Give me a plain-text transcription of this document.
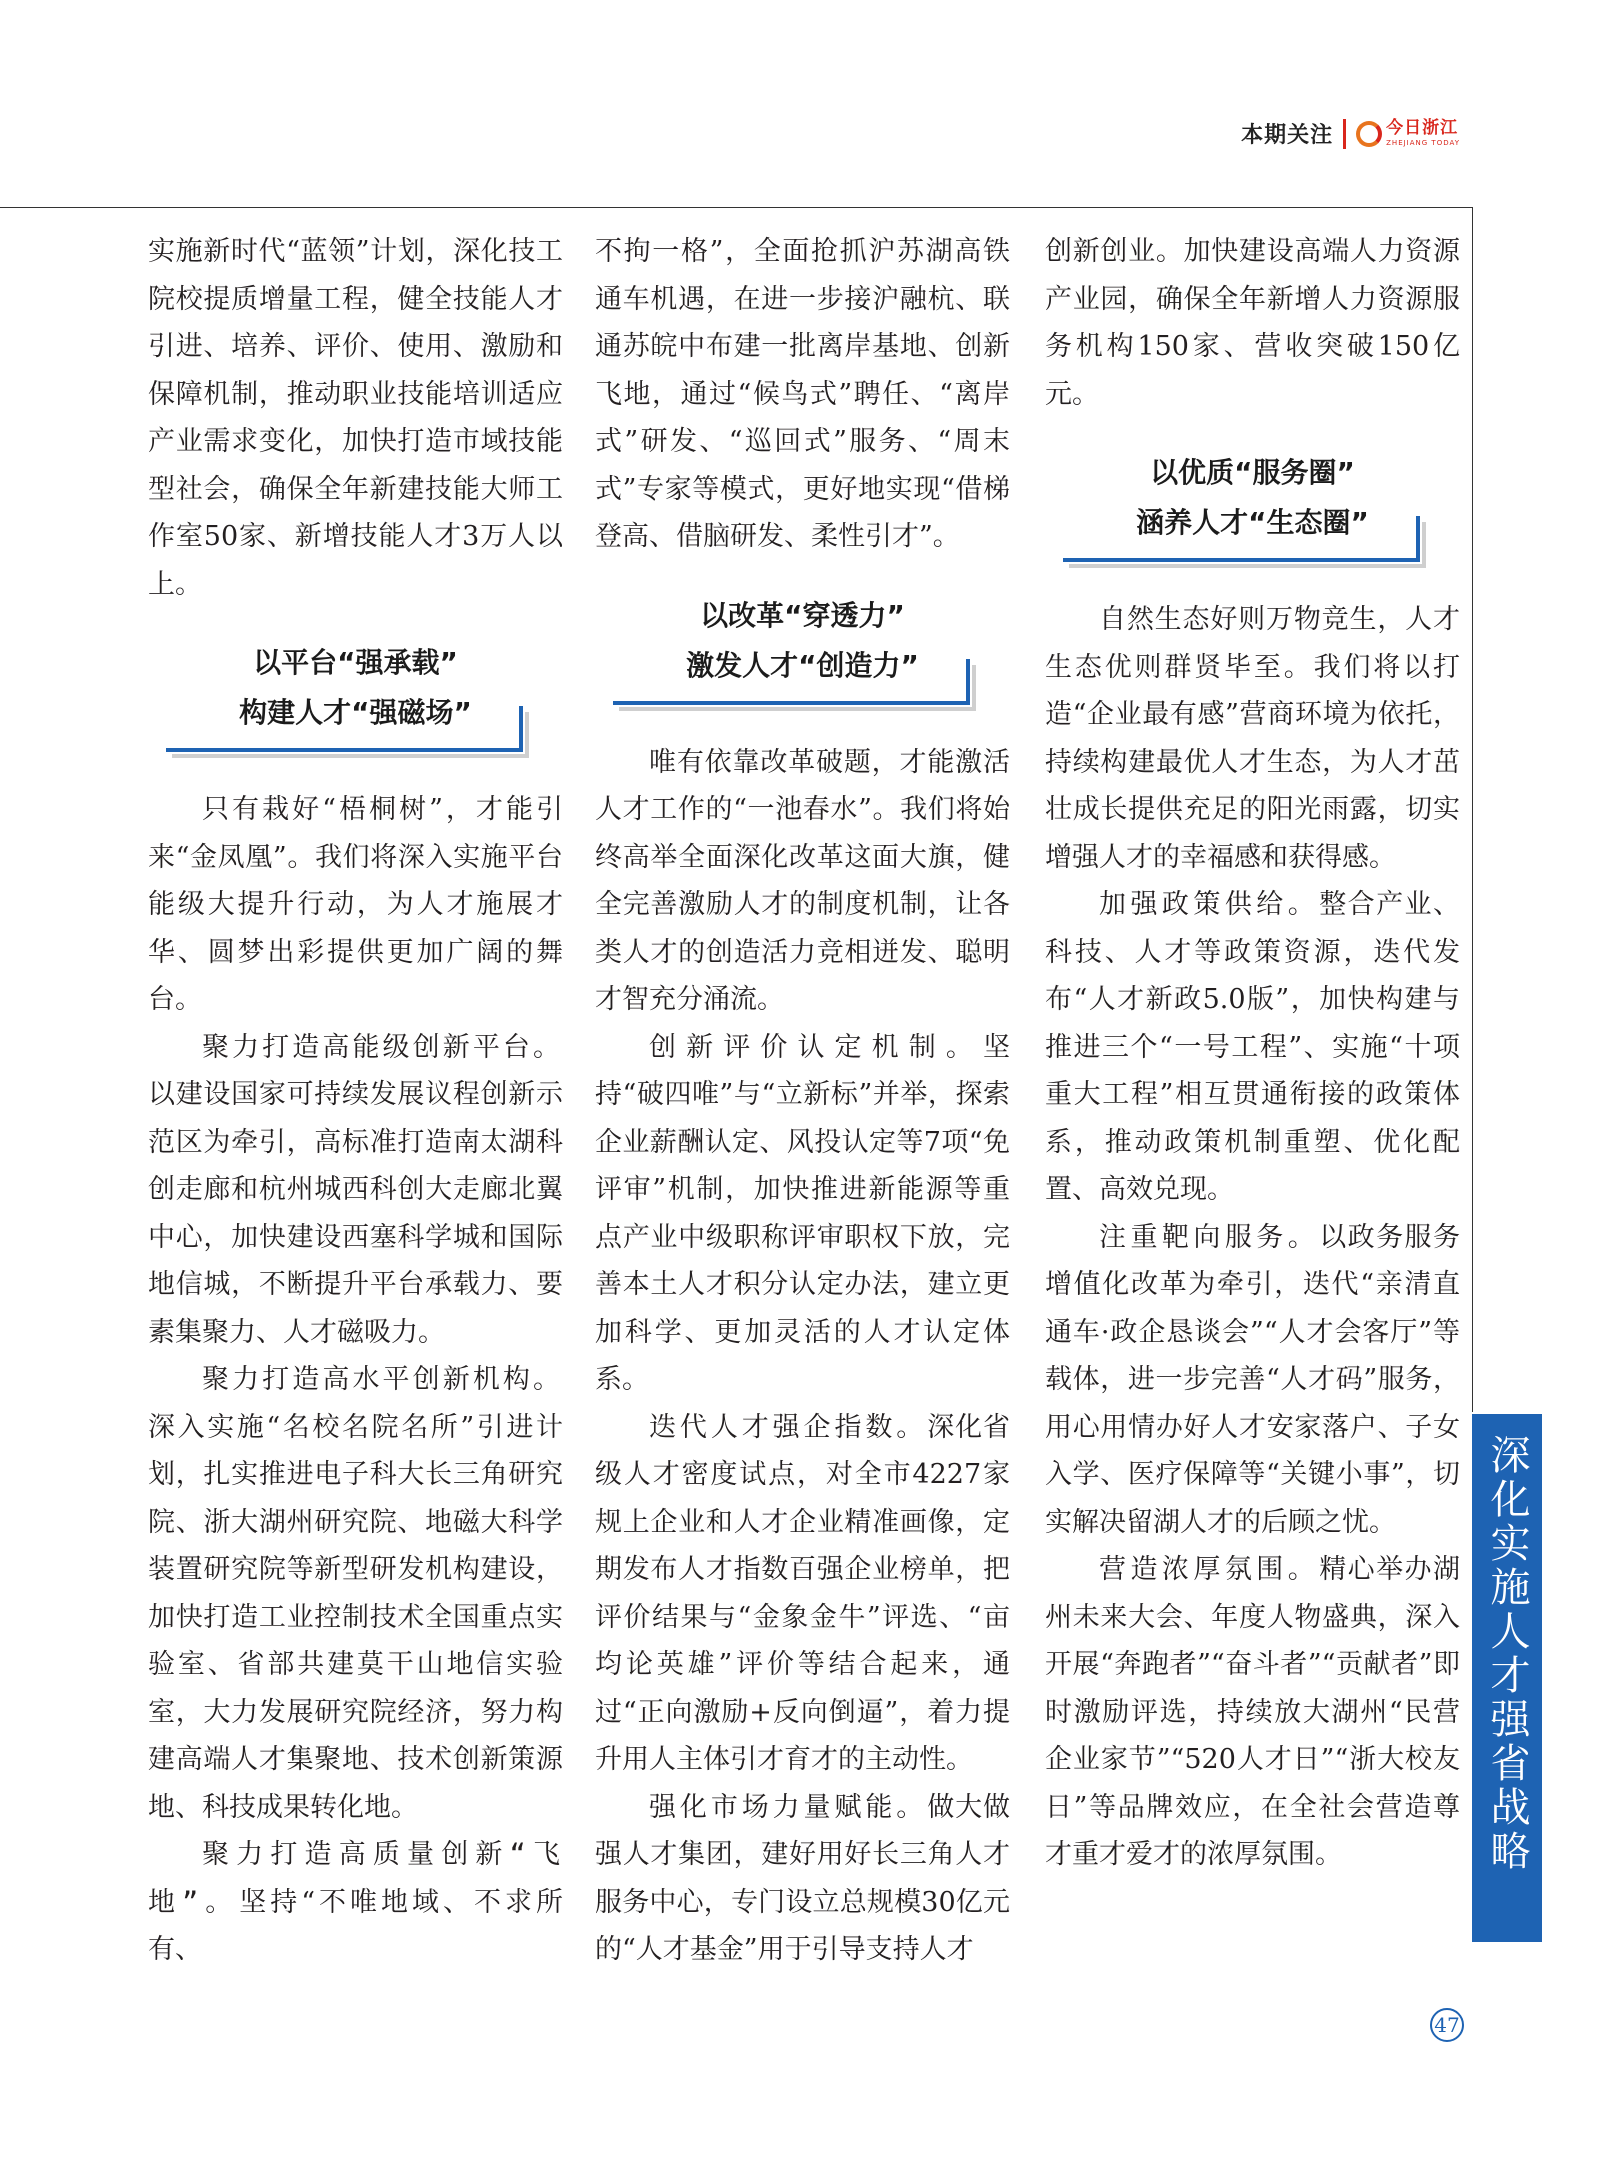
本期关注	今日浙江
ZHEJIANG TODAY

实施新时代“蓝领”计划，深化技工院校提质增量工程，健全技能人才引进、培养、评价、使用、激励和保障机制，推动职业技能培训适应产业需求变化，加快打造市域技能型社会，确保全年新建技能大师工作室50家、新增技能人才3万人以上。

以平台“强承载”
构建人才“强磁场”

只有栽好“梧桐树”，才能引来“金凤凰”。我们将深入实施平台能级大提升行动，为人才施展才华、圆梦出彩提供更加广阔的舞台。

聚力打造高能级创新平台。以建设国家可持续发展议程创新示范区为牵引，高标准打造南太湖科创走廊和杭州城西科创大走廊北翼中心，加快建设西塞科学城和国际地信城，不断提升平台承载力、要素集聚力、人才磁吸力。

聚力打造高水平创新机构。深入实施“名校名院名所”引进计划，扎实推进电子科大长三角研究院、浙大湖州研究院、地磁大科学装置研究院等新型研发机构建设，加快打造工业控制技术全国重点实验室、省部共建莫干山地信实验室，大力发展研究院经济，努力构建高端人才集聚地、技术创新策源地、科技成果转化地。

聚力打造高质量创新“飞地”。坚持“不唯地域、不求所有、

不拘一格”，全面抢抓沪苏湖高铁通车机遇，在进一步接沪融杭、联通苏皖中布建一批离岸基地、创新飞地，通过“候鸟式”聘任、“离岸式”研发、“巡回式”服务、“周末式”专家等模式，更好地实现“借梯登高、借脑研发、柔性引才”。

以改革“穿透力”
激发人才“创造力”

唯有依靠改革破题，才能激活人才工作的“一池春水”。我们将始终高举全面深化改革这面大旗，健全完善激励人才的制度机制，让各类人才的创造活力竞相迸发、聪明才智充分涌流。

创新评价认定机制。坚持“破四唯”与“立新标”并举，探索企业薪酬认定、风投认定等7项“免评审”机制，加快推进新能源等重点产业中级职称评审职权下放，完善本土人才积分认定办法，建立更加科学、更加灵活的人才认定体系。

迭代人才强企指数。深化省级人才密度试点，对全市4227家规上企业和人才企业精准画像，定期发布人才指数百强企业榜单，把评价结果与“金象金牛”评选、“亩均论英雄”评价等结合起来，通过“正向激励+反向倒逼”，着力提升用人主体引才育才的主动性。

强化市场力量赋能。做大做强人才集团，建好用好长三角人才服务中心，专门设立总规模30亿元的“人才基金”用于引导支持人才

创新创业。加快建设高端人力资源产业园，确保全年新增人力资源服务机构150家、营收突破150亿元。

以优质“服务圈”
涵养人才“生态圈”

自然生态好则万物竞生，人才生态优则群贤毕至。我们将以打造“企业最有感”营商环境为依托，持续构建最优人才生态，为人才茁壮成长提供充足的阳光雨露，切实增强人才的幸福感和获得感。

加强政策供给。整合产业、科技、人才等政策资源，迭代发布“人才新政5.0版”，加快构建与推进三个“一号工程”、实施“十项重大工程”相互贯通衔接的政策体系，推动政策机制重塑、优化配置、高效兑现。

注重靶向服务。以政务服务增值化改革为牵引，迭代“亲清直通车·政企恳谈会”“人才会客厅”等载体，进一步完善“人才码”服务，用心用情办好人才安家落户、子女入学、医疗保障等“关键小事”，切实解决留湖人才的后顾之忧。

营造浓厚氛围。精心举办湖州未来大会、年度人物盛典，深入开展“奔跑者”“奋斗者”“贡献者”即时激励评选，持续放大湖州“民营企业家节”“520人才日”“浙大校友日”等品牌效应，在全社会营造尊才重才爱才的浓厚氛围。	深化实施人才强省战略
47
